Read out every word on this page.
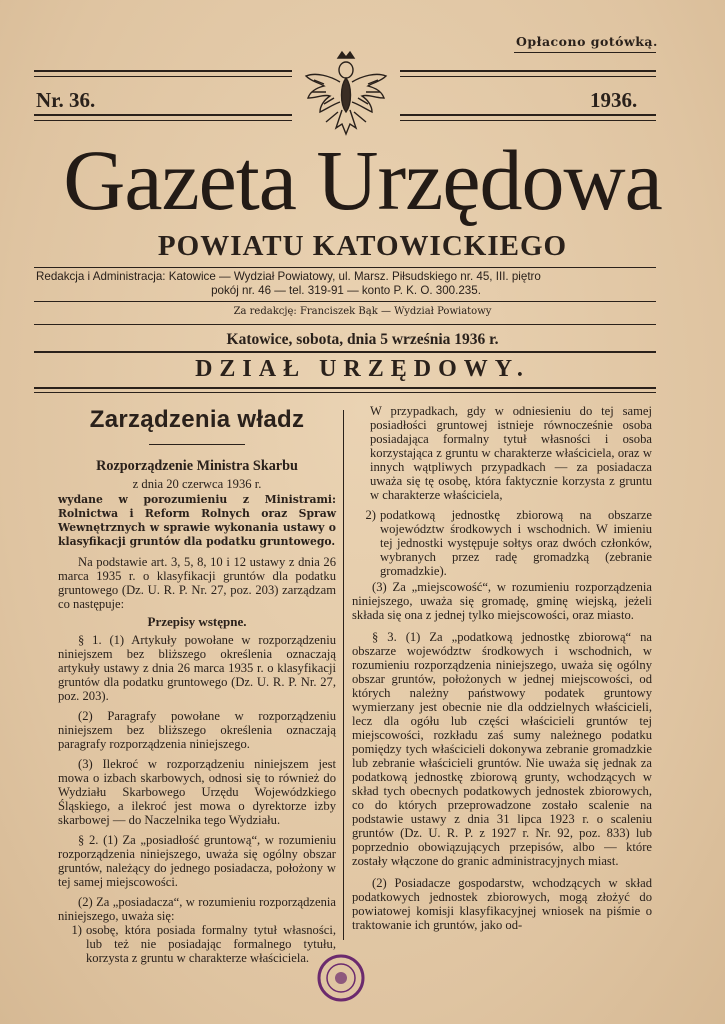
Opłacono gotówką.
Nr. 36.	1936.
Gazeta Urzędowa
POWIATU KATOWICKIEGO
Redakcja i Administracja: Katowice — Wydział Powiatowy, ul. Marsz. Piłsudskiego nr. 45, III. piętro
pokój nr. 46 — tel. 319-91 — konto P. K. O. 300.235.
Za redakcję: Franciszek Bąk — Wydział Powiatowy
Katowice, sobota, dnia 5 września 1936 r.
DZIAŁ URZĘDOWY.

Zarządzenia władz

Rozporządzenie Ministra Skarbu

z dnia 20 czerwca 1936 r.

wydane w porozumieniu z Ministrami: Rolnictwa i Reform Rolnych oraz Spraw Wewnętrznych w sprawie wykonania ustawy o klasyfikacji gruntów dla podatku gruntowego.

Na podstawie art. 3, 5, 8, 10 i 12 ustawy z dnia 26 marca 1935 r. o klasyfikacji gruntów dla podatku gruntowego (Dz. U. R. P. Nr. 27, poz. 203) zarządzam co następuje:

Przepisy wstępne.

§ 1. (1) Artykuły powołane w rozporządzeniu niniejszem bez bliższego określenia oznaczają artykuły ustawy z dnia 26 marca 1935 r. o klasyfikacji gruntów dla podatku gruntowego (Dz. U. R. P. Nr. 27, poz. 203).

(2) Paragrafy powołane w rozporządzeniu niniejszem bez bliższego określenia oznaczają paragrafy rozporządzenia niniejszego.

(3) Ilekroć w rozporządzeniu niniejszem jest mowa o izbach skarbowych, odnosi się to również do Wydziału Skarbowego Urzędu Wojewódzkiego Śląskiego, a ilekroć jest mowa o dyrektorze izby skarbowej — do Naczelnika tego Wydziału.

§ 2. (1) Za „posiadłość gruntową“, w rozumieniu rozporządzenia niniejszego, uważa się ogólny obszar gruntów, należący do jednego posiadacza, położony w tej samej miejscowości.

(2) Za „posiadacza“, w rozumieniu rozporządzenia niniejszego, uważa się:

1) osobę, która posiada formalny tytuł własności, lub też nie posiadając formalnego tytułu, korzysta z gruntu w charakterze właściciela.

W przypadkach, gdy w odniesieniu do tej samej posiadłości gruntowej istnieje równocześnie osoba posiadająca formalny tytuł własności i osoba korzystająca z gruntu w charakterze właściciela, oraz w innych wątpliwych przypadkach — za posiadacza uważa się tę osobę, która faktycznie korzysta z gruntu w charakterze właściciela,

2) podatkową jednostkę zbiorową na obszarze województw środkowych i wschodnich. W imieniu tej jednostki występuje sołtys oraz dwóch członków, wybranych przez radę gromadzką (zebranie gromadzkie).

(3) Za „miejscowość“, w rozumieniu rozporządzenia niniejszego, uważa się gromadę, gminę wiejską, jeżeli składa się ona z jednej tylko miejscowości, oraz miasto.

§ 3. (1) Za „podatkową jednostkę zbiorową“ na obszarze województw środkowych i wschodnich, w rozumieniu rozporządzenia niniejszego, uważa się ogólny obszar gruntów, położonych w jednej miejscowości, od których należny państwowy podatek gruntowy wymierzany jest obecnie nie dla oddzielnych właścicieli, lecz dla ogółu lub części właścicieli gruntów tej miejscowości, rozkładu zaś sumy należnego podatku pomiędzy tych właścicieli dokonywa zebranie gromadzkie lub zebranie właścicieli gruntów. Nie uważa się jednak za podatkową jednostkę zbiorową grunty, wchodzących w skład tych obecnych podatkowych jednostek zbiorowych, co do których przeprowadzone zostało scalenie na podstawie ustawy z dnia 31 lipca 1923 r. o scaleniu gruntów (Dz. U. R. P. z 1927 r. Nr. 92, poz. 833) lub poprzednio obowiązujących przepisów, albo — które zostały włączone do granic administracyjnych miast.

(2) Posiadacze gospodarstw, wchodzących w skład podatkowych jednostek zbiorowych, mogą złożyć do powiatowej komisji klasyfikacyjnej wniosek na piśmie o traktowanie ich gruntów, jako od-
